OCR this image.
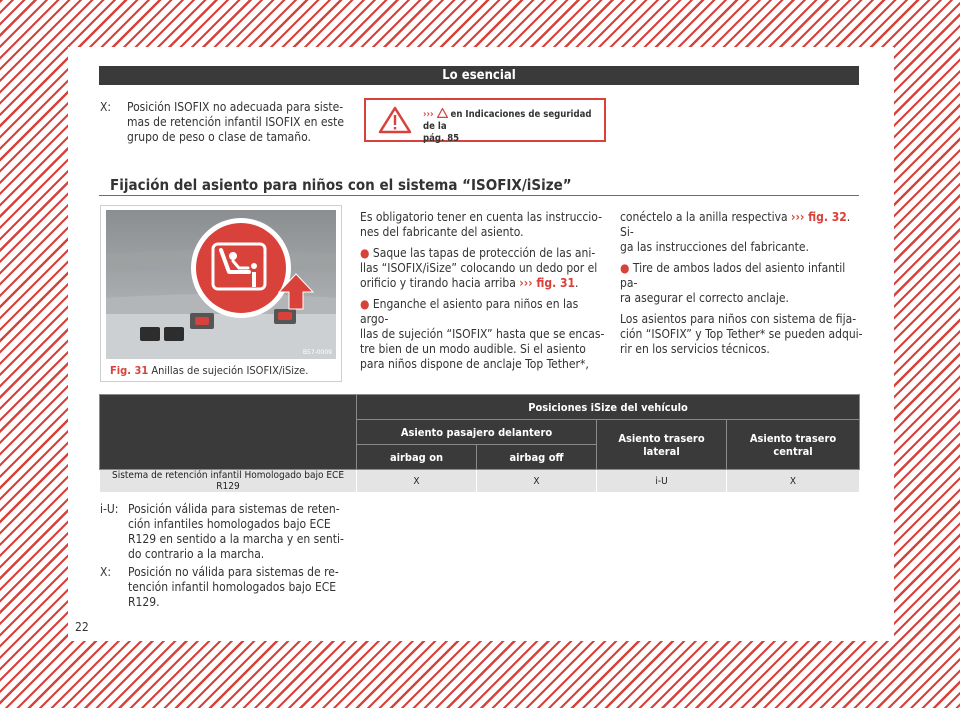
Lo esencial
X: Posición ISOFIX no adecuada para siste-
mas de retención infantil ISOFIX en este
grupo de peso o clase de tamaño.
››› en Indicaciones de seguridad de la
pág. 85
Fijación del asiento para niños con el sistema “ISOFIX/iSize”
B57-0009
Fig. 31 Anillas de sujeción ISOFIX/iSize.

Es obligatorio tener en cuenta las instruccio-
nes del fabricante del asiento.

● Saque las tapas de protección de las ani-
llas “ISOFIX/iSize” colocando un dedo por el
orificio y tirando hacia arriba ››› fig. 31.

● Enganche el asiento para niños en las argo-
llas de sujeción “ISOFIX” hasta que se encas-
tre bien de un modo audible. Si el asiento
para niños dispone de anclaje Top Tether*,

conéctelo a la anilla respectiva ››› fig. 32. Si-
ga las instrucciones del fabricante.

● Tire de ambos lados del asiento infantil pa-
ra asegurar el correcto anclaje.

Los asientos para niños con sistema de fija-
ción “ISOFIX” y Top Tether* se pueden adqui-
rir en los servicios técnicos.

	Posiciones iSize del vehículo			
	Asiento pasajero delantero		Asiento trasero lateral	Asiento trasero central
	airbag on	airbag off		
Sistema de retención infantil Homologado bajo ECE R129	X	X	i-U	X
i-U: Posición válida para sistemas de reten-
ción infantiles homologados bajo ECE
R129 en sentido a la marcha y en senti-
do contrario a la marcha.
X: Posición no válida para sistemas de re-
tención infantil homologados bajo ECE
R129.
22
